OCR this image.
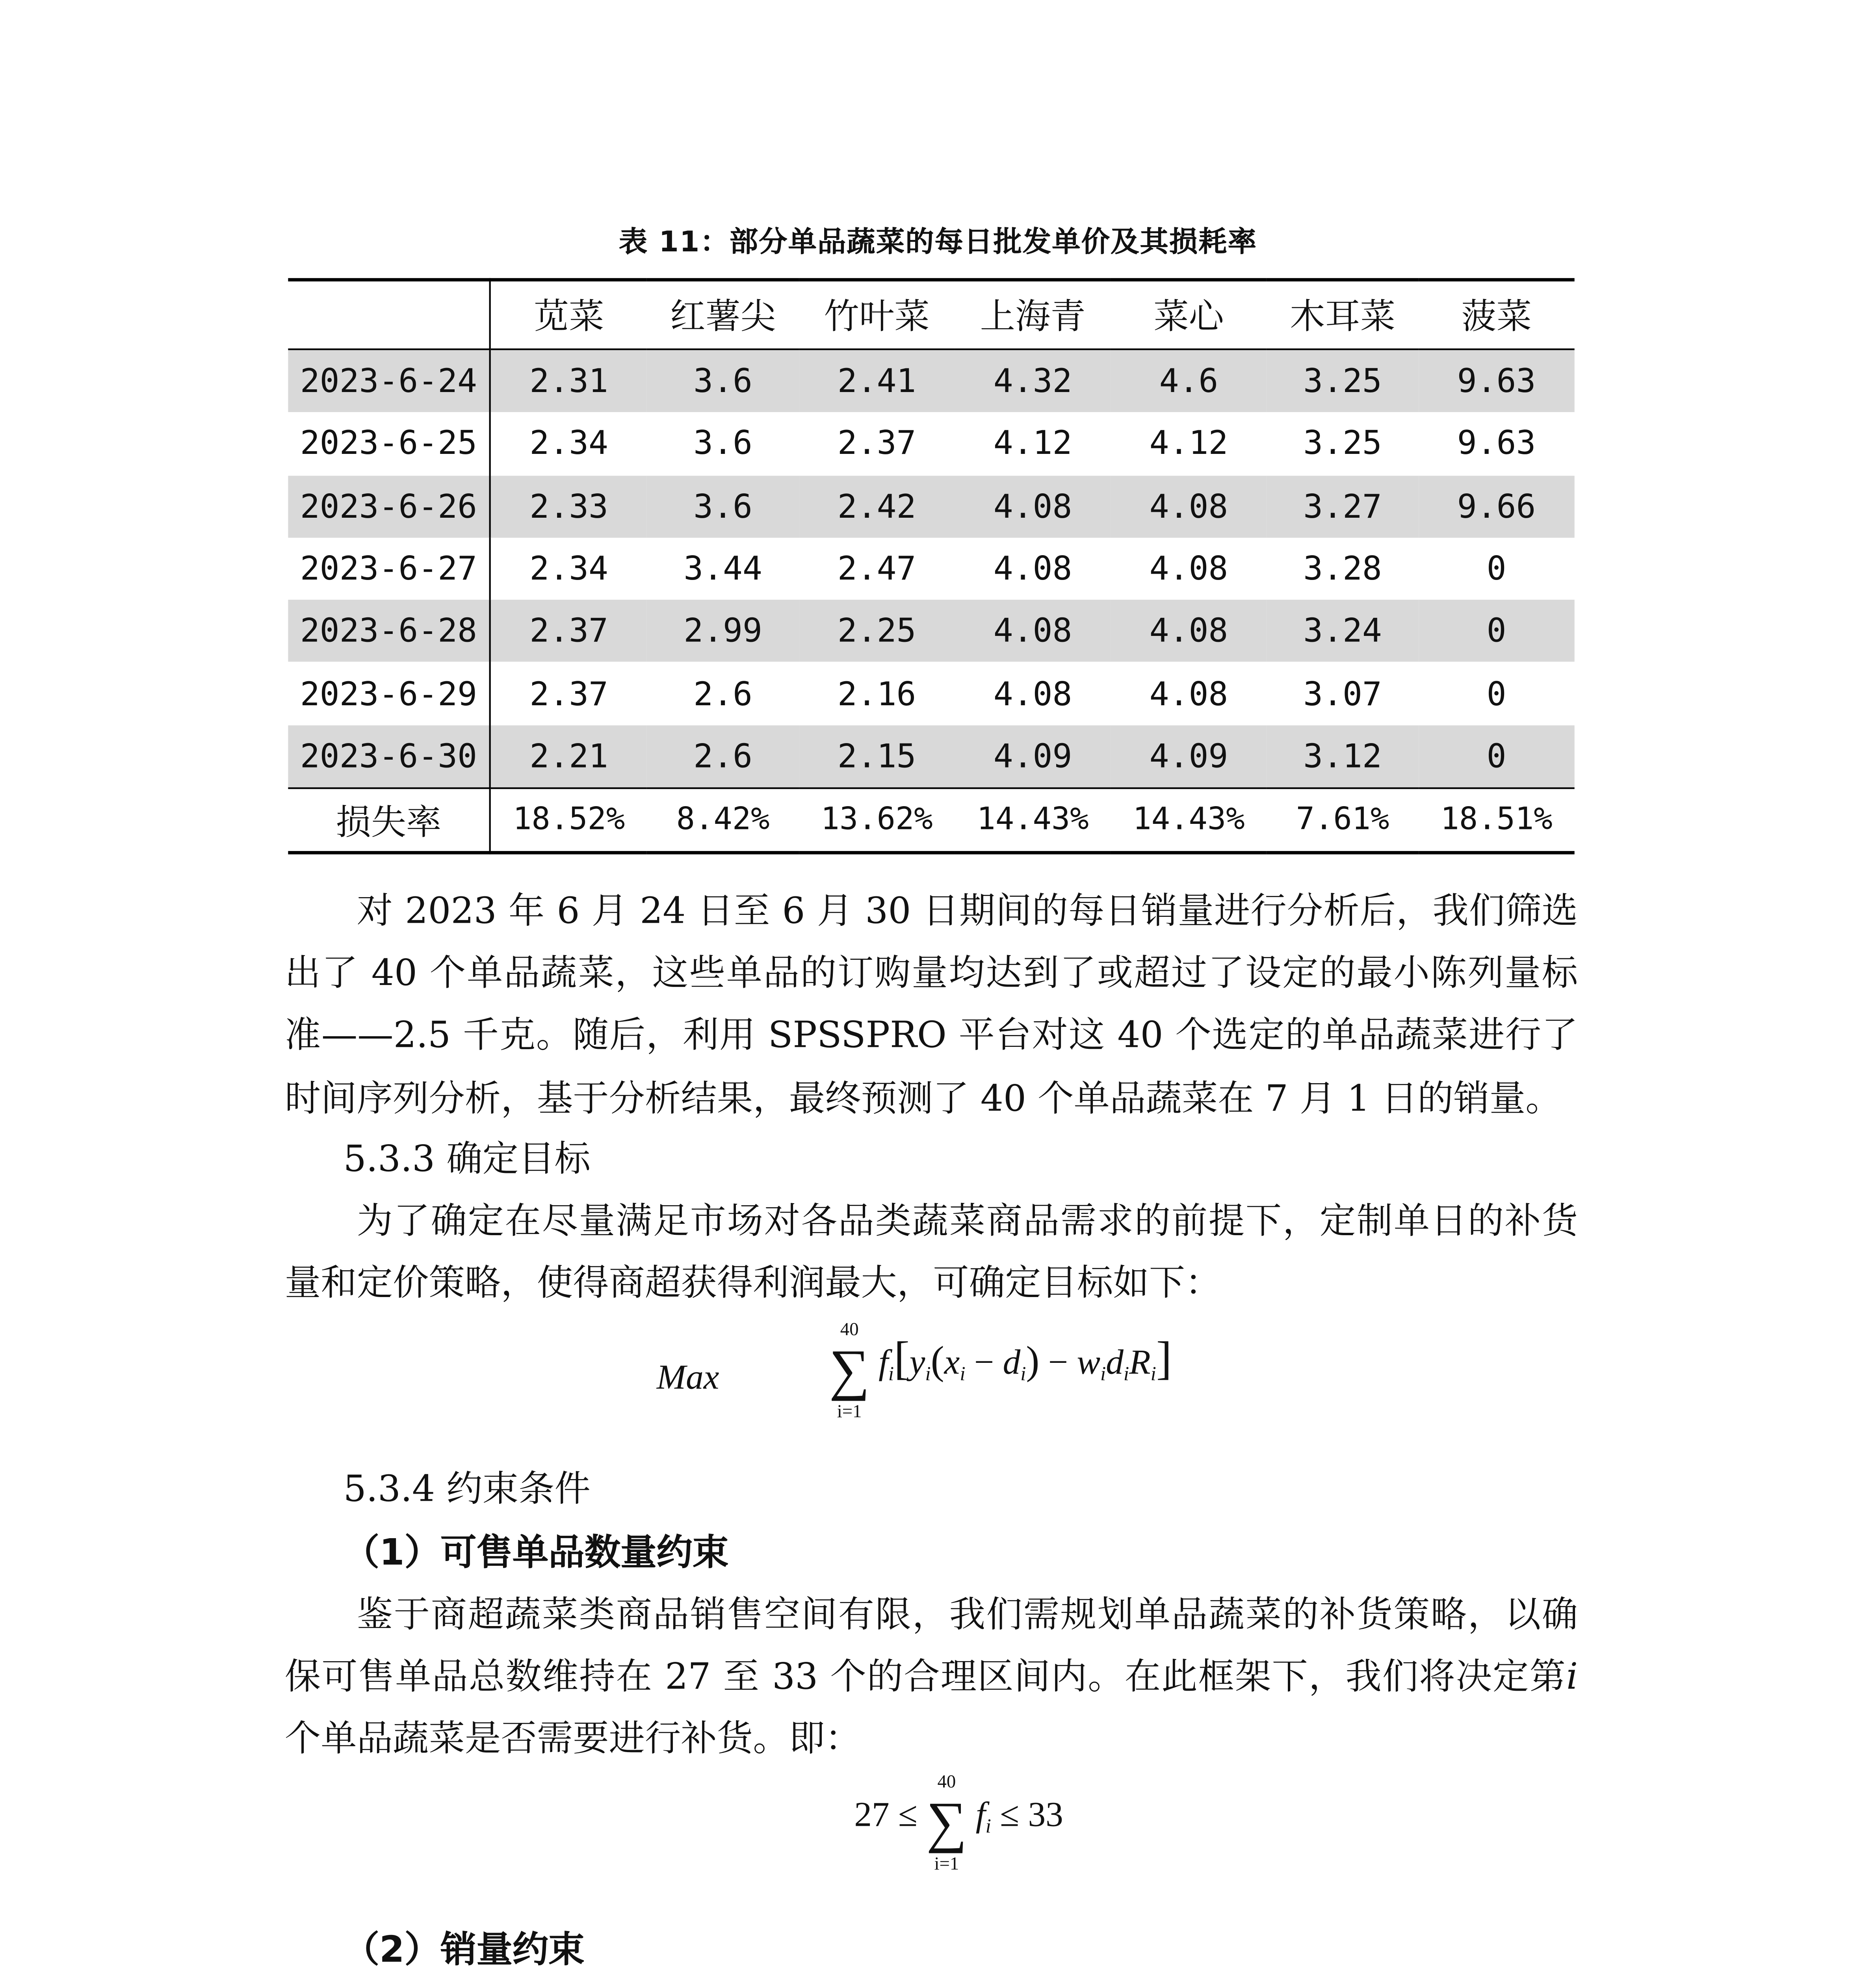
表 11：部分单品蔬菜的每日批发单价及其损耗率
	苋菜	红薯尖	竹叶菜	上海青	菜心	木耳菜	菠菜
2023-6-24	2.31	3.6	2.41	4.32	4.6	3.25	9.63
2023-6-25	2.34	3.6	2.37	4.12	4.12	3.25	9.63
2023-6-26	2.33	3.6	2.42	4.08	4.08	3.27	9.66
2023-6-27	2.34	3.44	2.47	4.08	4.08	3.28	0
2023-6-28	2.37	2.99	2.25	4.08	4.08	3.24	0
2023-6-29	2.37	2.6	2.16	4.08	4.08	3.07	0
2023-6-30	2.21	2.6	2.15	4.09	4.09	3.12	0
损失率	18.52%	8.42%	13.62%	14.43%	14.43%	7.61%	18.51%

对 2023 年 6 月 24 日至 6 月 30 日期间的每日销量进行分析后，我们筛选出了 40 个单品蔬菜，这些单品的订购量均达到了或超过了设定的最小陈列量标准——2.5 千克。随后，利用 SPSSPRO 平台对这 40 个选定的单品蔬菜进行了时间序列分析，基于分析结果，最终预测了 40 个单品蔬菜在 7 月 1 日的销量。

5.3.3 确定目标

为了确定在尽量满足市场对各品类蔬菜商品需求的前提下，定制单日的补货量和定价策略，使得商超获得利润最大，可确定目标如下：

Max
40
∑
i=1
$f_i[y_i(x_i - d_i) - w_id_iR_i]$
5.3.4 约束条件
（1）可售单品数量约束

鉴于商超蔬菜类商品销售空间有限，我们需规划单品蔬菜的补货策略，以确保可售单品总数维持在 27 至 33 个的合理区间内。在此框架下，我们将决定第i个单品蔬菜是否需要进行补货。即：

27 ≤
40
∑
i=1
$f_i \le 33$
（2）销量约束
